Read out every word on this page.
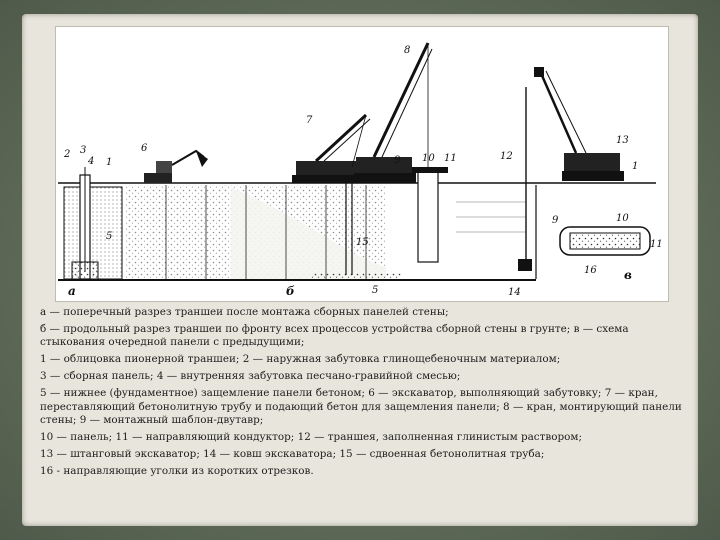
2 3
4 1
5
6
7
8
9 10 11	12
13
1
14
15
5
9	10
11
16
а	б
в

а — поперечный разрез траншеи после монтажа сборных панелей стены;

б — продольный разрез траншеи по фронту всех процессов устройства сборной стены в грунте; в — схема стыкования очередной панели с предыдущими;

1 — облицовка пионерной траншеи; 2 — наружная забутовка глинощебеночным материалом;

3 — сборная панель; 4 — внутренняя забутовка песчано-гравийной смесью;

5 — нижнее (фундаментное) защемление панели бетоном; 6 — экскаватор, выполняющий забутовку; 7 — кран, переставляющий бетонолитную трубу и подающий бетон для защемления панели; 8 — кран, монтирующий панели стены; 9 — монтажный шаблон-двутавр;

10 — панель; 11 — направляющий кондуктор; 12 — траншея, заполненная глинистым раствором;

13 — штанговый экскаватор; 14 — ковш экскаватора; 15 — сдвоенная бетонолитная труба;

16 - направляющие уголки из коротких отрезков.
